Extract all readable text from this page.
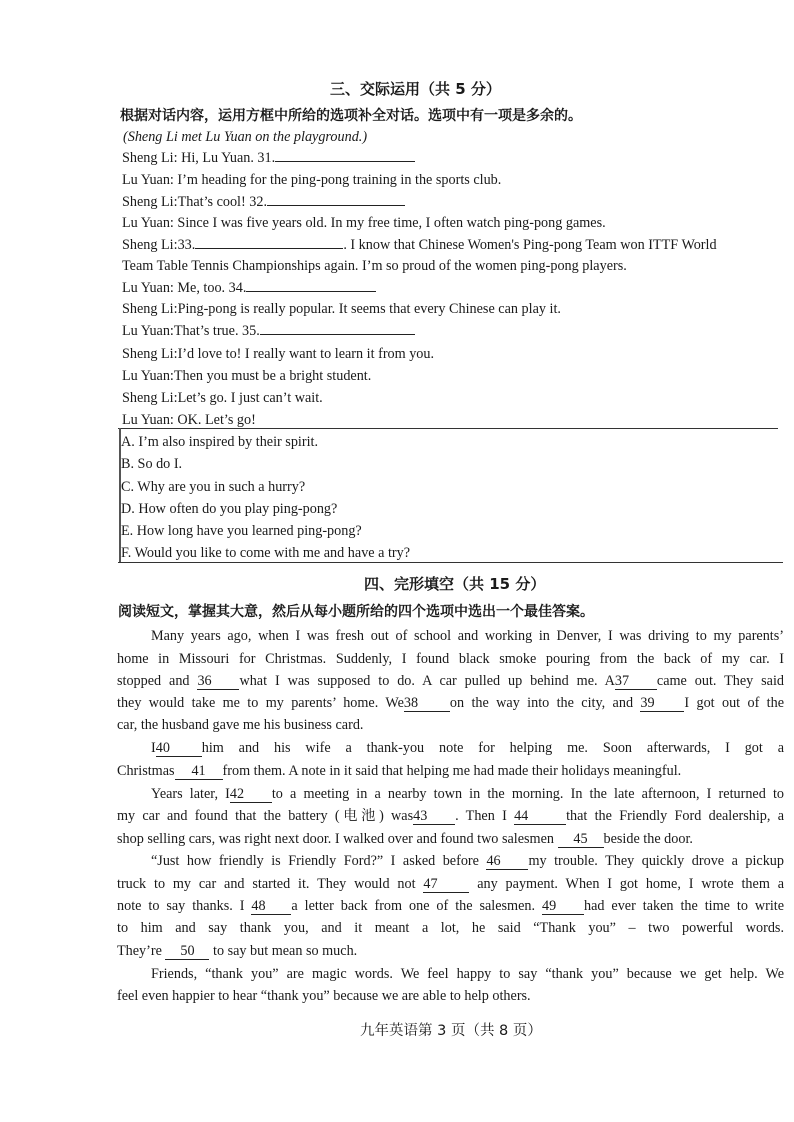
三、交际运用（共 5 分）
根据对话内容，运用方框中所给的选项补全对话。选项中有一项是多余的。
(Sheng Li met Lu Yuan on the playground.)
Sheng Li: Hi, Lu Yuan. 31.
Lu Yuan: I’m heading for the ping-pong training in the sports club.
Sheng Li:That’s cool! 32.
Lu Yuan: Since I was five years old. In my free time, I often watch ping-pong games.
Sheng Li:33.	. I know that Chinese Women's Ping-pong Team won ITTF World
Team Table Tennis Championships again. I’m so proud of the women ping-pong players.
Lu Yuan: Me, too. 34.
Sheng Li:Ping-pong is really popular. It seems that every Chinese can play it.
Lu Yuan:That’s true. 35.
Sheng Li:I’d love to! I really want to learn it from you.
Lu Yuan:Then you must be a bright student.
Sheng Li:Let’s go. I just can’t wait.
Lu Yuan: OK. Let’s go!
A. I’m also inspired by their spirit.
B. So do I.
C. Why are you in such a hurry?
D. How often do you play ping-pong?
E. How long have you learned ping-pong?
F. Would you like to come with me and have a try?
四、完形填空（共 15 分）
阅读短文，掌握其大意，然后从每小题所给的四个选项中选出一个最佳答案。
Many years ago, when I was fresh out of school and working in Denver, I was driving to my parents’
home in Missouri for Christmas. Suddenly, I found black smoke pouring from the back of my car. I
stopped and 36 what I was supposed to do. A car pulled up behind me. A37 came out. They said
they would take me to my parents’ home. We38 on the way into the city, and 39 I got out of the
car, the husband gave me his business card.
I40 him and his wife a thank-you note for helping me. Soon afterwards, I got a
Christmas 41 from them. A note in it said that helping me had made their holidays meaningful.
Years later, I42 to a meeting in a nearby town in the morning. In the late afternoon, I returned to
my car and found that the battery (电池) was43 . Then I 44	that the Friendly Ford dealership, a
shop selling cars, was right next door. I walked over and found two salesmen 45 beside the door.
“Just how friendly is Friendly Ford?” I asked before 46 my trouble. They quickly drove a pickup
truck to my car and started it. They would not 47 any payment. When I got home, I wrote them a
note to say thanks. I 48 a letter back from one of the salesmen. 49 had ever taken the time to write
to him and say thank you, and it meant a lot, he said “Thank you” – two powerful words.
They’re 50 to say but mean so much.
Friends, “thank you” are magic words. We feel happy to say “thank you” because we get help. We
feel even happier to hear “thank you” because we are able to help others.
九年英语第 3 页（共 8 页）
